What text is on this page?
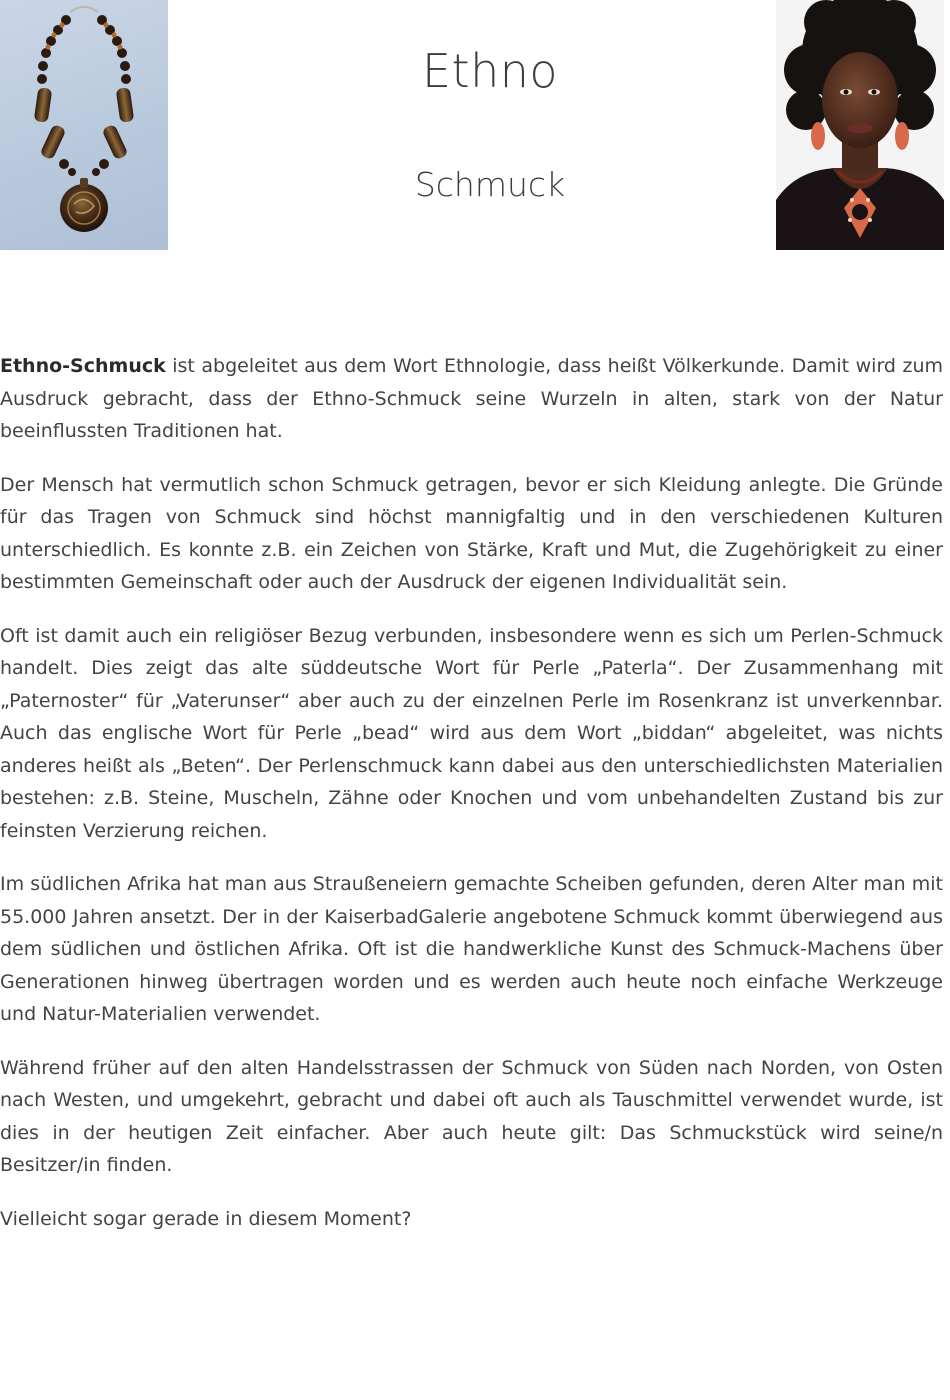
Ethno
Schmuck

Ethno-Schmuck ist abgeleitet aus dem Wort Ethnologie, dass heißt Völkerkunde. Damit wird zum Ausdruck gebracht, dass der Ethno-Schmuck seine Wurzeln in alten, stark von der Natur beeinflussten Traditionen hat.

Der Mensch hat vermutlich schon Schmuck getragen, bevor er sich Kleidung anlegte. Die Gründe für das Tragen von Schmuck sind höchst mannigfaltig und in den verschiedenen Kulturen unterschiedlich. Es konnte z.B. ein Zeichen von Stärke, Kraft und Mut, die Zugehörigkeit zu einer bestimmten Gemeinschaft oder auch der Ausdruck der eigenen Individualität sein.

Oft ist damit auch ein religiöser Bezug verbunden, insbesondere wenn es sich um Perlen-Schmuck handelt. Dies zeigt das alte süddeutsche Wort für Perle „Paterla“. Der Zusammenhang mit „Paternoster“ für „Vaterunser“ aber auch zu der einzelnen Perle im Rosenkranz ist unverkennbar. Auch das englische Wort für Perle „bead“ wird aus dem Wort „biddan“ abgeleitet, was nichts anderes heißt als „Beten“. Der Perlenschmuck kann dabei aus den unterschiedlichsten Materialien bestehen: z.B. Steine, Muscheln, Zähne oder Knochen und vom unbehandelten Zustand bis zur feinsten Verzierung reichen.

Im südlichen Afrika hat man aus Straußeneiern gemachte Scheiben gefunden, deren Alter man mit 55.000 Jahren ansetzt. Der in der KaiserbadGalerie angebotene Schmuck kommt überwiegend aus dem südlichen und östlichen Afrika. Oft ist die handwerkliche Kunst des Schmuck-Machens über Generationen hinweg übertragen worden und es werden auch heute noch einfache Werkzeuge und Natur-Materialien verwendet.

Während früher auf den alten Handelsstrassen der Schmuck von Süden nach Norden, von Osten nach Westen, und umgekehrt, gebracht und dabei oft auch als Tauschmittel verwendet wurde, ist dies in der heutigen Zeit einfacher. Aber auch heute gilt: Das Schmuckstück wird seine/n Besitzer/in finden.

Vielleicht sogar gerade in diesem Moment?
